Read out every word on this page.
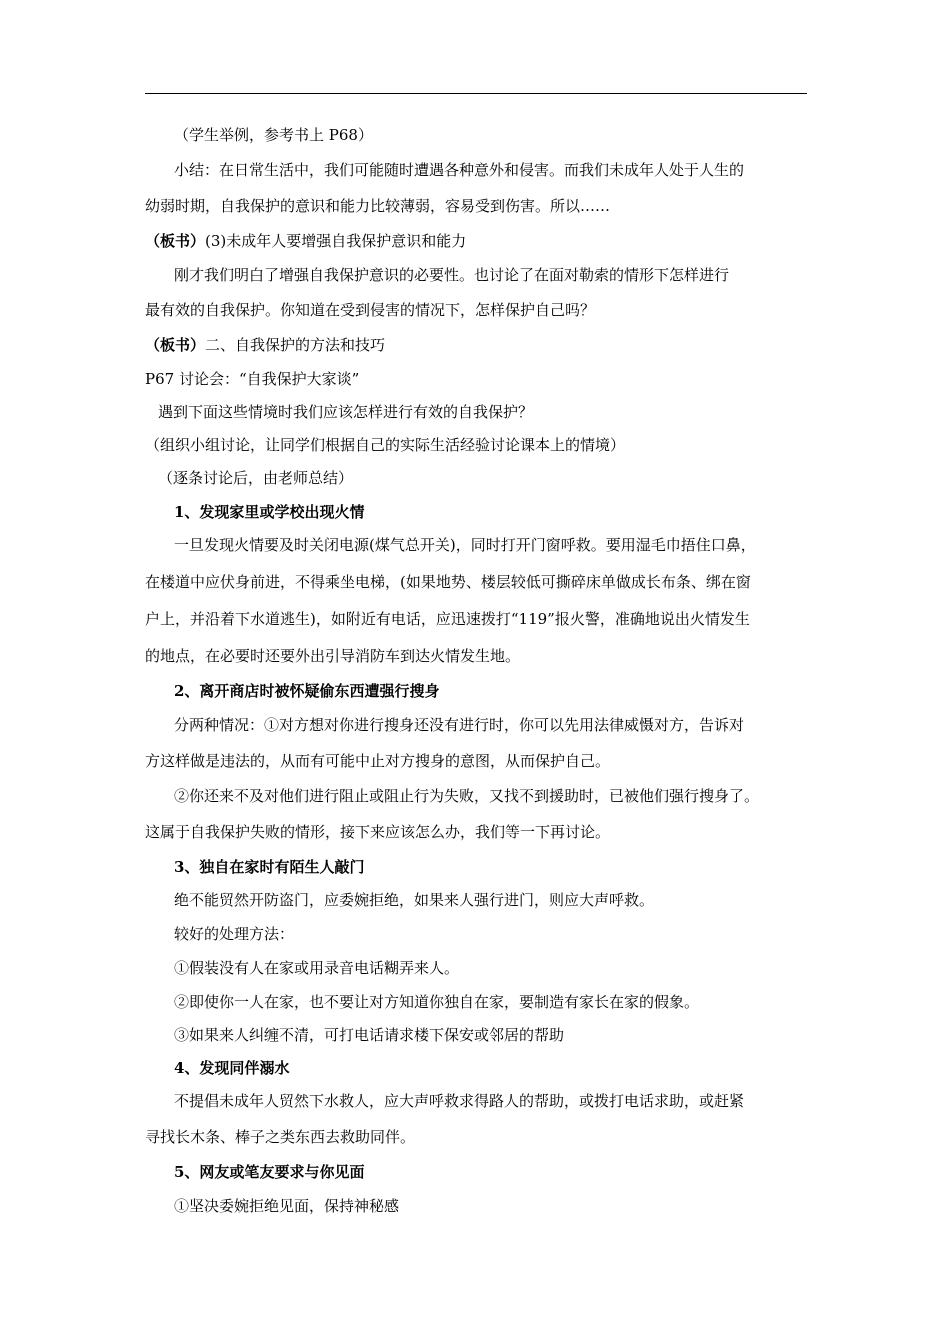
（学生举例，参考书上 P68）
小结：在日常生活中，我们可能随时遭遇各种意外和侵害。而我们未成年人处于人生的
幼弱时期，自我保护的意识和能力比较薄弱，容易受到伤害。所以……
（板书）(3)未成年人要增强自我保护意识和能力
刚才我们明白了增强自我保护意识的必要性。也讨论了在面对勒索的情形下怎样进行
最有效的自我保护。你知道在受到侵害的情况下，怎样保护自己吗？
（板书）二、自我保护的方法和技巧
P67 讨论会：“自我保护大家谈”
遇到下面这些情境时我们应该怎样进行有效的自我保护？
（组织小组讨论，让同学们根据自己的实际生活经验讨论课本上的情境）
（逐条讨论后，由老师总结）
1、发现家里或学校出现火情
一旦发现火情要及时关闭电源(煤气总开关)，同时打开门窗呼救。要用湿毛巾捂住口鼻，
在楼道中应伏身前进，不得乘坐电梯，(如果地势、楼层较低可撕碎床单做成长布条、绑在窗
户上，并沿着下水道逃生)，如附近有电话，应迅速拨打“119”报火警，准确地说出火情发生
的地点，在必要时还要外出引导消防车到达火情发生地。
2、离开商店时被怀疑偷东西遭强行搜身
分两种情况：①对方想对你进行搜身还没有进行时，你可以先用法律威慑对方，告诉对
方这样做是违法的，从而有可能中止对方搜身的意图，从而保护自己。
②你还来不及对他们进行阻止或阻止行为失败，又找不到援助时，已被他们强行搜身了。
这属于自我保护失败的情形，接下来应该怎么办，我们等一下再讨论。
3、独自在家时有陌生人敲门
绝不能贸然开防盗门，应委婉拒绝，如果来人强行进门，则应大声呼救。
较好的处理方法：
①假装没有人在家或用录音电话糊弄来人。
②即使你一人在家，也不要让对方知道你独自在家，要制造有家长在家的假象。
③如果来人纠缠不清，可打电话请求楼下保安或邻居的帮助
4、发现同伴溺水
不提倡未成年人贸然下水救人，应大声呼救求得路人的帮助，或拨打电话求助，或赶紧
寻找长木条、棒子之类东西去救助同伴。
5、网友或笔友要求与你见面
①坚决委婉拒绝见面，保持神秘感
